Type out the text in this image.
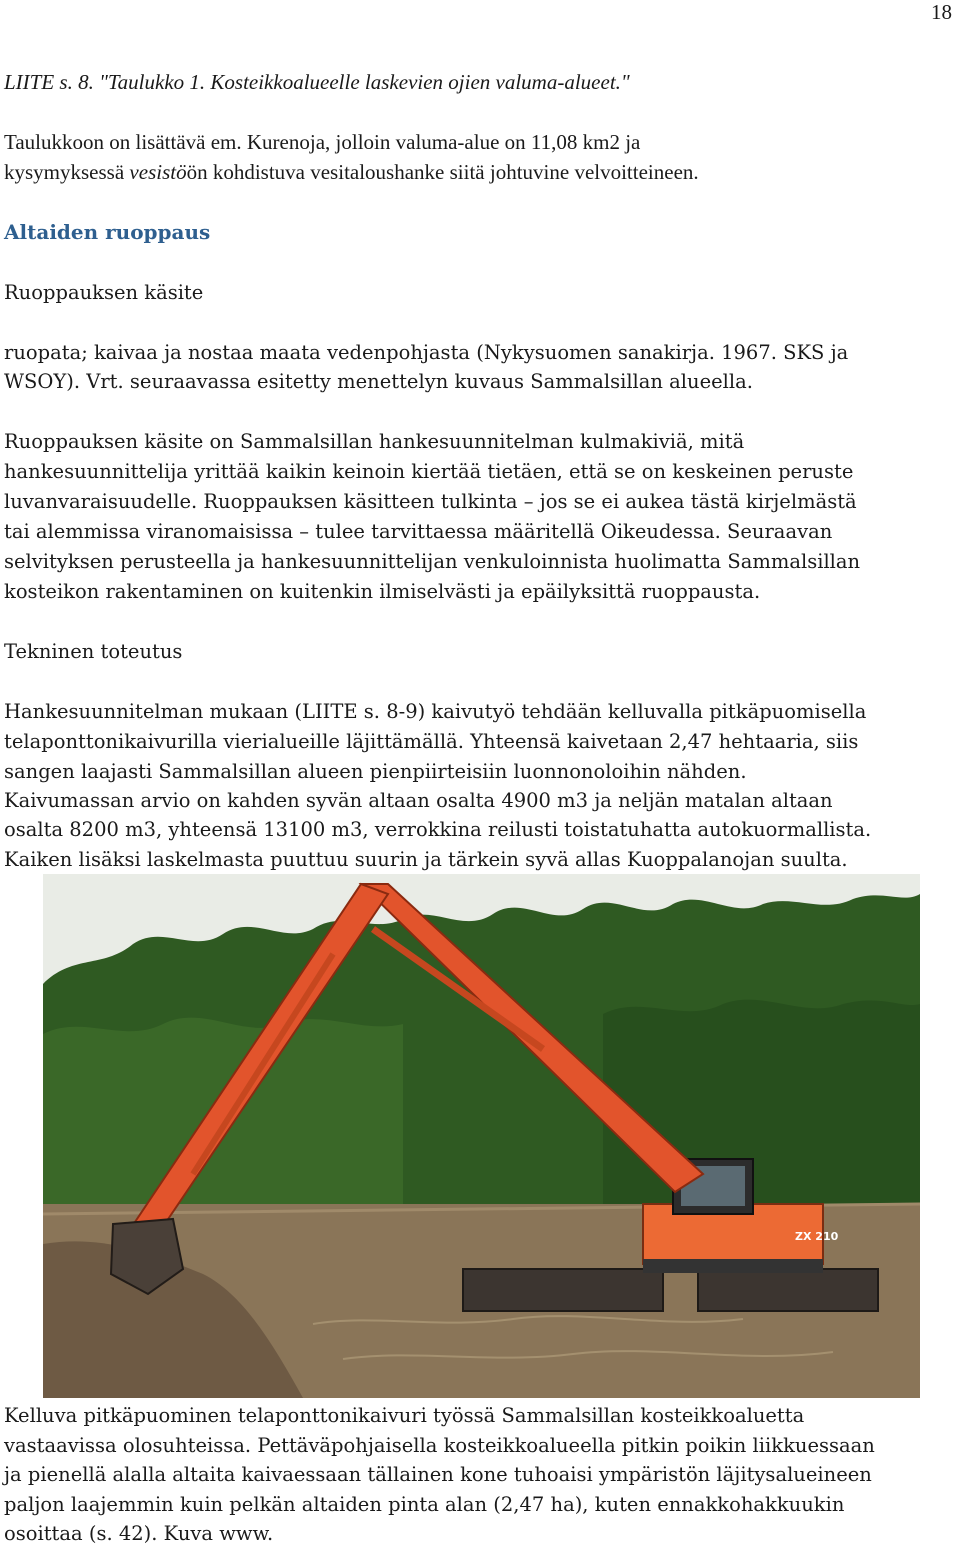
18
LIITE s. 8. "Taulukko 1. Kosteikkoalueelle laskevien ojien valuma-alueet."
Taulukkoon on lisättävä em. Kurenoja, jolloin valuma-alue on 11,08 km2 ja
kysymyksessä vesistöön kohdistuva vesitaloushanke siitä johtuvine velvoitteineen.
Altaiden ruoppaus
Ruoppauksen käsite
ruopata; kaivaa ja nostaa maata vedenpohjasta (Nykysuomen sanakirja. 1967. SKS ja
WSOY). Vrt. seuraavassa esitetty menettelyn kuvaus Sammalsillan alueella.
Ruoppauksen käsite on Sammalsillan hankesuunnitelman kulmakiviä, mitä
hankesuunnittelija yrittää kaikin keinoin kiertää tietäen, että se on keskeinen peruste
luvanvaraisuudelle. Ruoppauksen käsitteen tulkinta – jos se ei aukea tästä kirjelmästä
tai alemmissa viranomaisissa – tulee tarvittaessa määritellä Oikeudessa. Seuraavan
selvityksen perusteella ja hankesuunnittelijan venkuloinnista huolimatta Sammalsillan
kosteikon rakentaminen on kuitenkin ilmiselvästi ja epäilyksittä ruoppausta.
Tekninen toteutus
Hankesuunnitelman mukaan (LIITE s. 8-9) kaivutyö tehdään kelluvalla pitkäpuomisella
telaponttonikaivurilla vierialueille läjittämällä. Yhteensä kaivetaan 2,47 hehtaaria, siis
sangen laajasti Sammalsillan alueen pienpiirteisiin luonnonoloihin nähden.
Kaivumassan arvio on kahden syvän altaan osalta 4900 m3 ja neljän matalan altaan
osalta 8200 m3, yhteensä 13100 m3, verrokkina reilusti toistatuhatta autokuormallista.
Kaiken lisäksi laskelmasta puuttuu suurin ja tärkein syvä allas Kuoppalanojan suulta.
ZX 210
Kelluva pitkäpuominen telaponttonikaivuri työssä Sammalsillan kosteikkoaluetta
vastaavissa olosuhteissa. Pettäväpohjaisella kosteikkoalueella pitkin poikin liikkuessaan
ja pienellä alalla altaita kaivaessaan tällainen kone tuhoaisi ympäristön läjitysalueineen
paljon laajemmin kuin pelkän altaiden pinta alan (2,47 ha), kuten ennakkohakkuukin
osoittaa (s. 42). Kuva www.
